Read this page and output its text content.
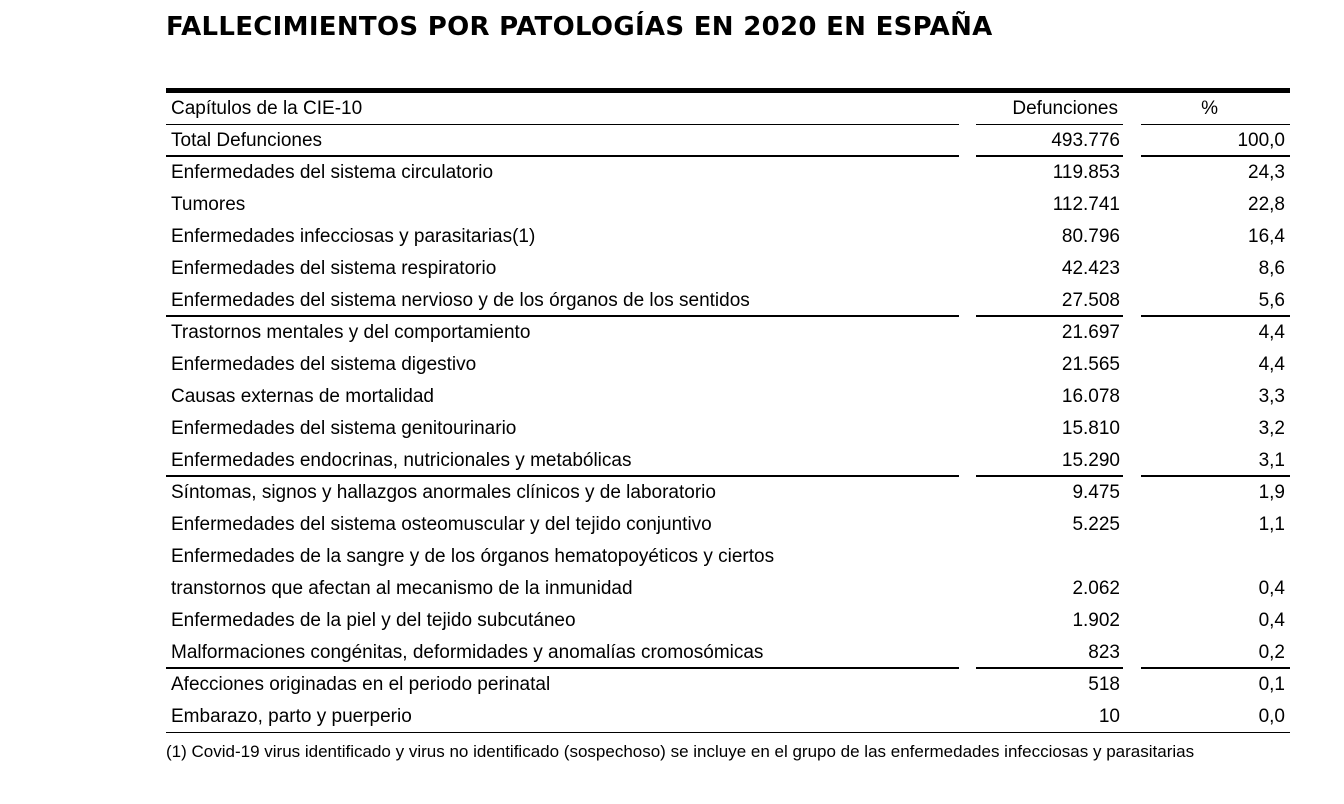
FALLECIMIENTOS POR PATOLOGÍAS EN 2020 EN ESPAÑA
Capítulos de la CIE-10	Defunciones	%
Total Defunciones	493.776	100,0
Enfermedades del sistema circulatorio	119.853	24,3
Tumores	112.741	22,8
Enfermedades infecciosas y parasitarias(1)	80.796	16,4
Enfermedades del sistema respiratorio	42.423	8,6
Enfermedades del sistema nervioso y de los órganos de los sentidos	27.508	5,6
Trastornos mentales y del comportamiento	21.697	4,4
Enfermedades del sistema digestivo	21.565	4,4
Causas externas de mortalidad	16.078	3,3
Enfermedades del sistema genitourinario	15.810	3,2
Enfermedades endocrinas, nutricionales y metabólicas	15.290	3,1
Síntomas, signos y hallazgos anormales clínicos y de laboratorio	9.475	1,9
Enfermedades del sistema osteomuscular y del tejido conjuntivo	5.225	1,1
Enfermedades de la sangre y de los órganos hematopoyéticos y ciertos
transtornos que afectan al mecanismo de la inmunidad	2.062	0,4
Enfermedades de la piel y del tejido subcutáneo	1.902	0,4
Malformaciones congénitas, deformidades y anomalías cromosómicas	823	0,2
Afecciones originadas en el periodo perinatal	518	0,1
Embarazo, parto y puerperio	10	0,0
(1) Covid-19 virus identificado y virus no identificado (sospechoso) se incluye en el grupo de las enfermedades infecciosas y parasitarias
